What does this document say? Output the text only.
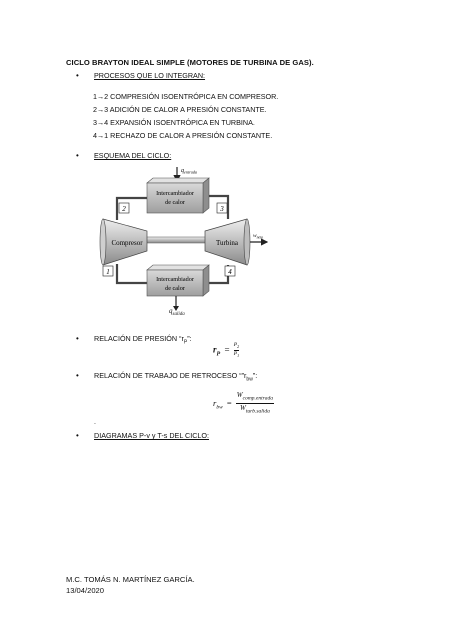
CICLO BRAYTON IDEAL SIMPLE (MOTORES DE TURBINA DE GAS).
• PROCESOS QUE LO INTEGRAN:
1→2 COMPRESIÓN ISOENTRÓPICA EN COMPRESOR.
2→3 ADICIÓN DE CALOR A PRESIÓN CONSTANTE.
3→4 EXPANSIÓN ISOENTRÓPICA EN TURBINA.
4→1 RECHAZO DE CALOR A PRESIÓN CONSTANTE.
• ESQUEMA DEL CICLO:
$q_{entrada}$
Intercambiador
de calor
2	3
Compresor	Turbina
$w_{neto}$
1	4
Intercambiador
de calor
$q_{salida}$
• RELACIÓN DE PRESIÓN “$r_P$”:
$r_P = \frac{P_2}{P_1}$
• RELACIÓN DE TRABAJO DE RETROCESO “$”r_{bw}$”:
$r_{bw}$ =
$W_{comp.entrada}$
$W_{turb.salida}$
.
• DIAGRAMAS P-v y T-s DEL CICLO:
M.C. TOMÁS N. MARTÍNEZ GARCÍA.
13/04/2020
